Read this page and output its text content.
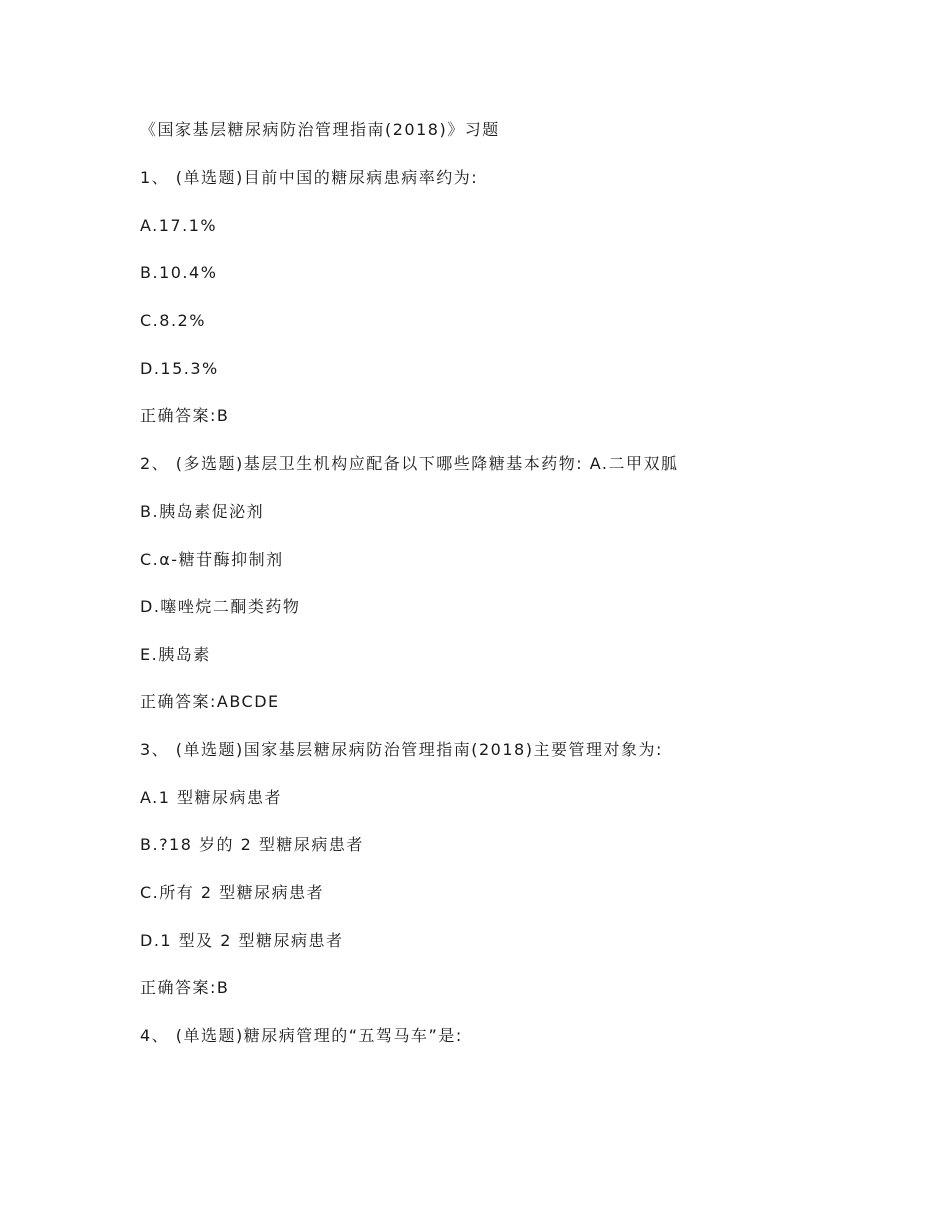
《国家基层糖尿病防治管理指南(2018)》习题
1、 (单选题)目前中国的糖尿病患病率约为:
A.17.1%
B.10.4%
C.8.2%
D.15.3%
正确答案:B
2、 (多选题)基层卫生机构应配备以下哪些降糖基本药物: A.二甲双胍
B.胰岛素促泌剂
C.α-糖苷酶抑制剂
D.噻唑烷二酮类药物
E.胰岛素
正确答案:ABCDE
3、 (单选题)国家基层糖尿病防治管理指南(2018)主要管理对象为:
A.1 型糖尿病患者
B.?18 岁的 2 型糖尿病患者
C.所有 2 型糖尿病患者
D.1 型及 2 型糖尿病患者
正确答案:B
4、 (单选题)糖尿病管理的“五驾马车”是:
